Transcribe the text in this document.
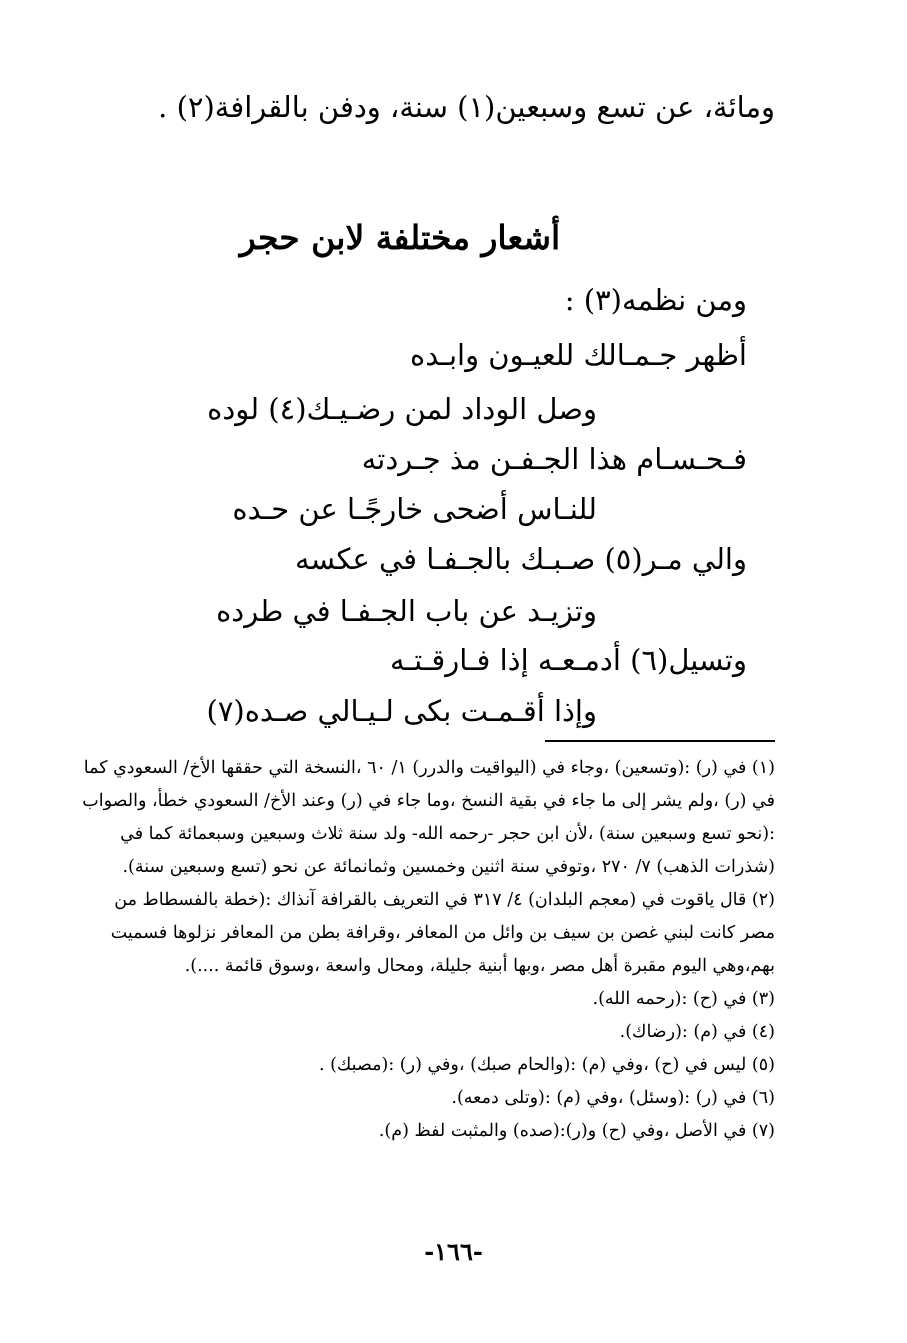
ومائة، عن تسع وسبعين(١) سنة، ودفن بالقرافة(٢) .
أشعار مختلفة لابن حجر
ومن نظمه(٣) :
أظهر جـمـالك للعيـون وابـده
وصل الوداد لمن رضـيـك(٤) لوده
فـحـسـام هذا الجـفـن مذ جـردته
للنـاس أضحى خارجًـا عن حـده
والي مـر(٥) صـبـك بالجـفـا في عكسه
وتزيـد عن باب الجـفـا في طرده
وتسيل(٦) أدمـعـه إذا فـارقـتـه
وإذا أقـمـت بكى لـيـالي صـده(٧)

(١) في (ر) :(وتسعين) ،وجاء في (اليواقيت والدرر) ١/ ٦٠ ،النسخة التي حققها الأخ/ السعودي كما في (ر) ،ولم يشر إلى ما جاء في بقية النسخ ،وما جاء في (ر) وعند الأخ/ السعودي خطأ، والصواب :(نحو تسع وسبعين سنة) ،لأن ابن حجر -رحمه الله- ولد سنة ثلاث وسبعين وسبعمائة كما في (شذرات الذهب) ٧/ ٢٧٠ ،وتوفي سنة اثنين وخمسين وثمانمائة عن نحو (تسع وسبعين سنة).

(٢) قال ياقوت في (معجم البلدان) ٤/ ٣١٧ في التعريف بالقرافة آنذاك :(خطة بالفسطاط من مصر كانت لبني غصن بن سيف بن وائل من المعافر ،وقرافة بطن من المعافر نزلوها فسميت بهم،وهي اليوم مقبرة أهل مصر ،وبها أبنية جليلة، ومحال واسعة ،وسوق قائمة ....).

(٣) في (ح) :(رحمه الله).

(٤) في (م) :(رضاك).

(٥) ليس في (ح) ،وفي (م) :(والحام صبك) ،وفي (ر) :(مصبك) .

(٦) في (ر) :(وسئل) ،وفي (م) :(وتلى دمعه).

(٧) في الأصل ،وفي (ح) و(ر):(صده) والمثبت لفظ (م).

-١٦٦-
